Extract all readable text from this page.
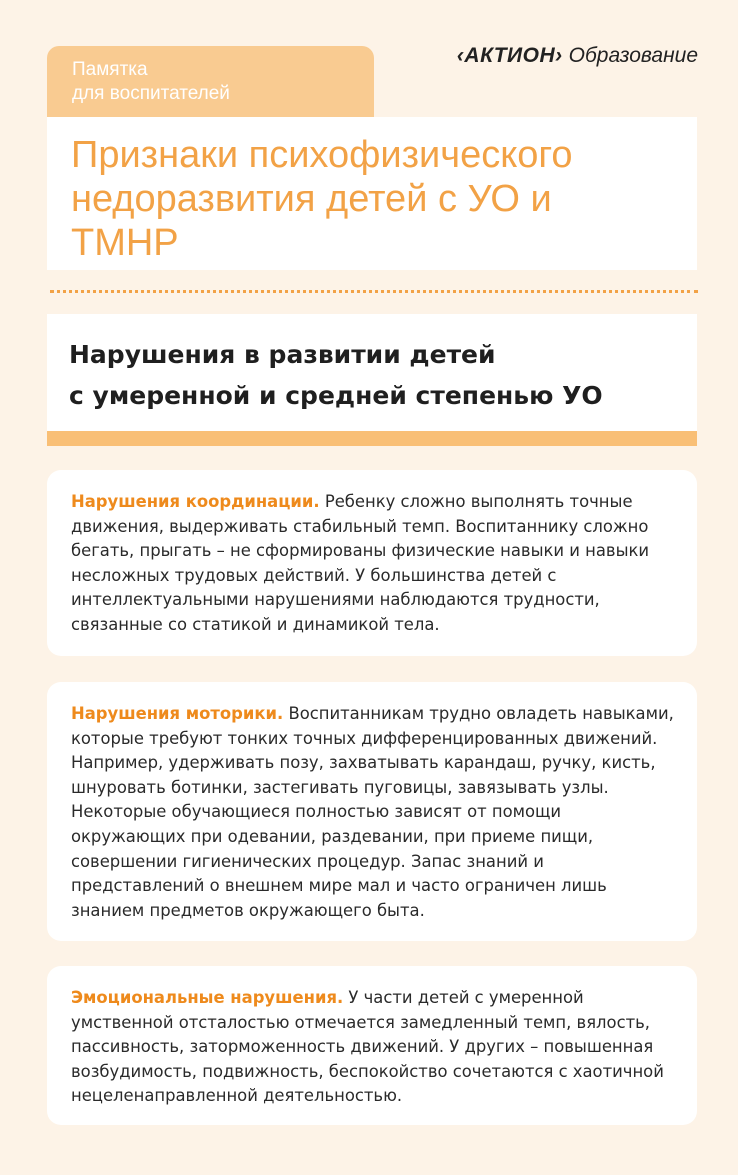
Памятка
для воспитателей
‹АКТИОН› Образование
Признаки психофизического недоразвития детей с УО и ТМНР
Нарушения в развитии детей
с умеренной и средней степенью УО

Нарушения координации. Ребенку сложно выполнять точные движения, выдерживать стабильный темп. Воспитаннику сложно бегать, прыгать – не сформированы физические навыки и навыки несложных трудовых действий. У большинства детей с интеллектуальными нарушениями наблюдаются трудности, связанные со статикой и динамикой тела.

Нарушения моторики. Воспитанникам трудно овладеть навыками, которые требуют тонких точных дифференцированных движений. Например, удерживать позу, захватывать карандаш, ручку, кисть, шнуровать ботинки, застегивать пуговицы, завязывать узлы. Некоторые обучающиеся полностью зависят от помощи окружающих при одевании, раздевании, при приеме пищи, совершении гигиенических процедур. Запас знаний и представлений о внешнем мире мал и часто ограничен лишь знанием предметов окружающего быта.

Эмоциональные нарушения. У части детей с умеренной умственной отсталостью отмечается замедленный темп, вялость, пассивность, заторможенность движений. У других – повышенная возбудимость, подвижность, беспокойство сочетаются с хаотичной нецеленаправленной деятельностью.
